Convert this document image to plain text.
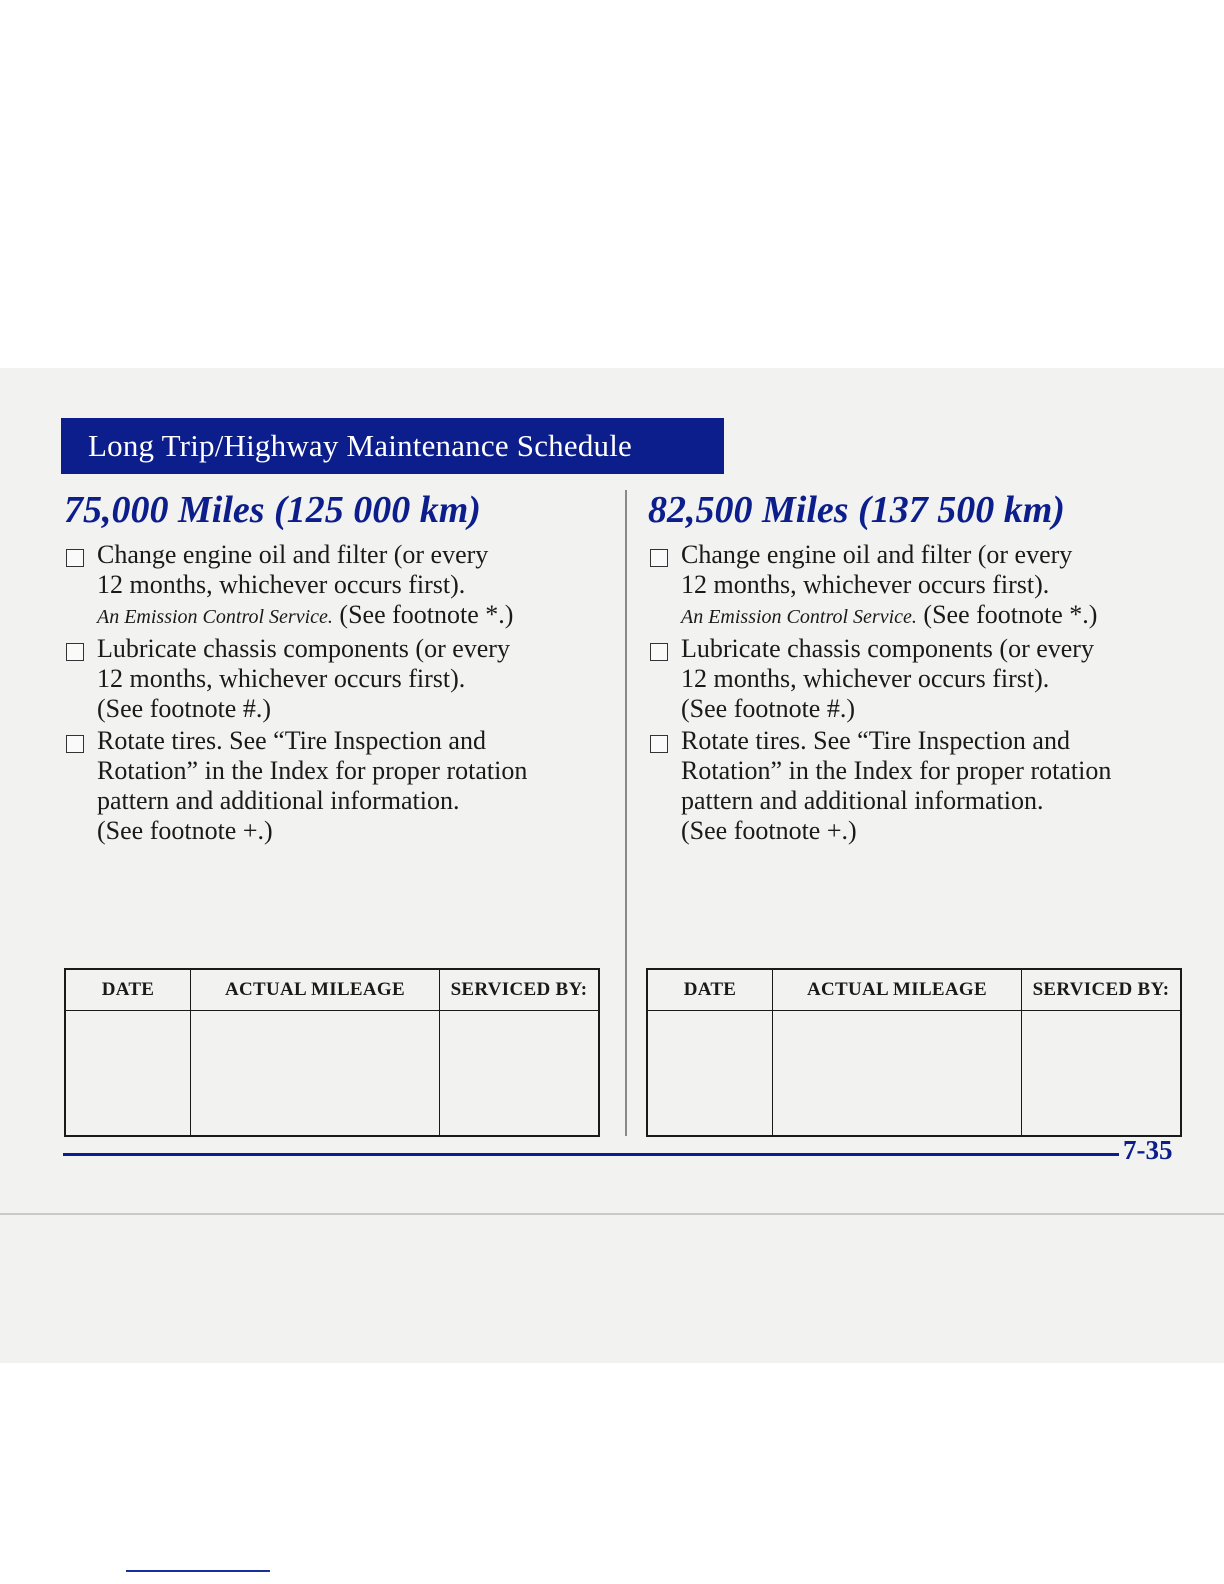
Long Trip/Highway Maintenance Schedule
75,000 Miles (125 000 km)
Change engine oil and filter (or every
12 months, whichever occurs first).
An Emission Control Service. (See footnote *.)
Lubricate chassis components (or every
12 months, whichever occurs first).
(See footnote #.)
Rotate tires. See “Tire Inspection and
Rotation” in the Index for proper rotation
pattern and additional information.
(See footnote +.)
82,500 Miles (137 500 km)
Change engine oil and filter (or every
12 months, whichever occurs first).
An Emission Control Service. (See footnote *.)
Lubricate chassis components (or every
12 months, whichever occurs first).
(See footnote #.)
Rotate tires. See “Tire Inspection and
Rotation” in the Index for proper rotation
pattern and additional information.
(See footnote +.)
DATE	ACTUAL MILEAGE	SERVICED BY:
			DATE	ACTUAL MILEAGE	SERVICED BY:

7-35
